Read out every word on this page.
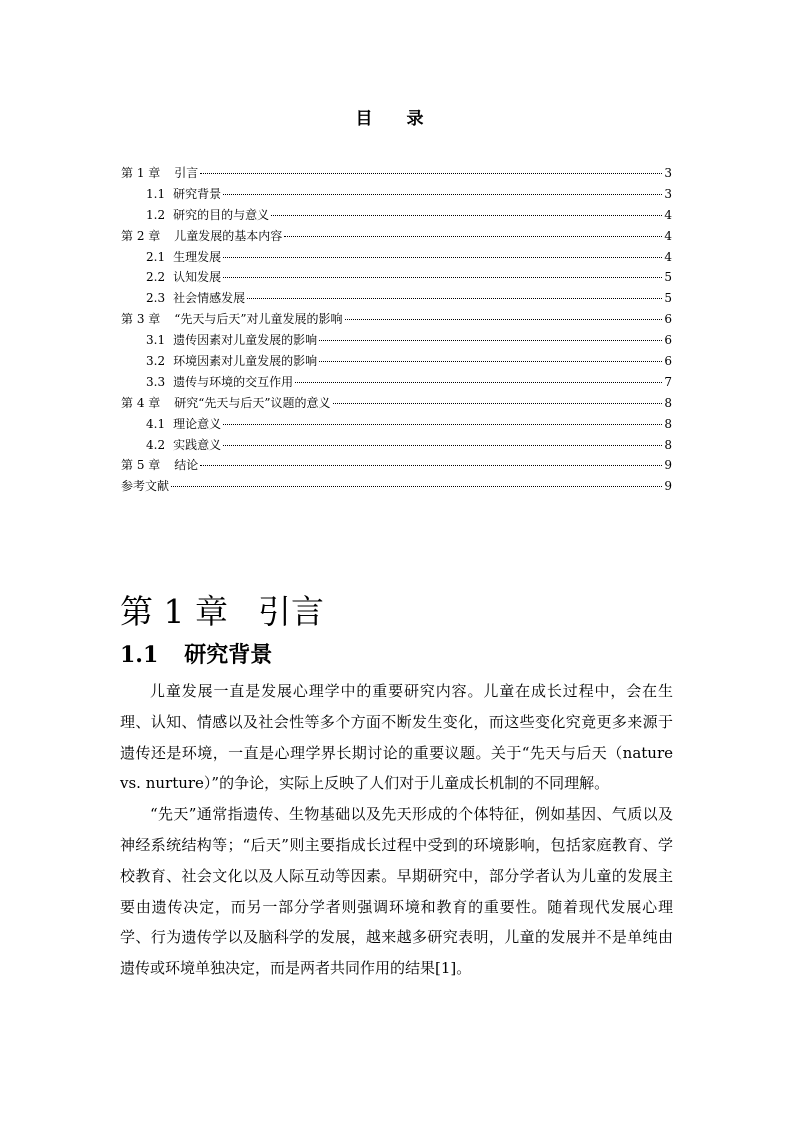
目 录
第 1 章 引言	3
1.1 研究背景	3
1.2 研究的目的与意义	4
第 2 章 儿童发展的基本内容	4
2.1 生理发展	4
2.2 认知发展	5
2.3 社会情感发展	5
第 3 章 “先天与后天”对儿童发展的影响	6
3.1 遗传因素对儿童发展的影响	6
3.2 环境因素对儿童发展的影响	6
3.3 遗传与环境的交互作用	7
第 4 章 研究“先天与后天”议题的意义	8
4.1 理论意义	8
4.2 实践意义	8
第 5 章 结论	9
参考文献	9
第 1 章 引言
1.1 研究背景

儿童发展一直是发展心理学中的重要研究内容。儿童在成长过程中，会在生理、认知、情感以及社会性等多个方面不断发生变化，而这些变化究竟更多来源于遗传还是环境，一直是心理学界长期讨论的重要议题。关于“先天与后天（nature vs. nurture）”的争论，实际上反映了人们对于儿童成长机制的不同理解。

“先天”通常指遗传、生物基础以及先天形成的个体特征，例如基因、气质以及神经系统结构等；“后天”则主要指成长过程中受到的环境影响，包括家庭教育、学校教育、社会文化以及人际互动等因素。早期研究中，部分学者认为儿童的发展主要由遗传决定，而另一部分学者则强调环境和教育的重要性。随着现代发展心理学、行为遗传学以及脑科学的发展，越来越多研究表明，儿童的发展并不是单纯由遗传或环境单独决定，而是两者共同作用的结果[1]。
